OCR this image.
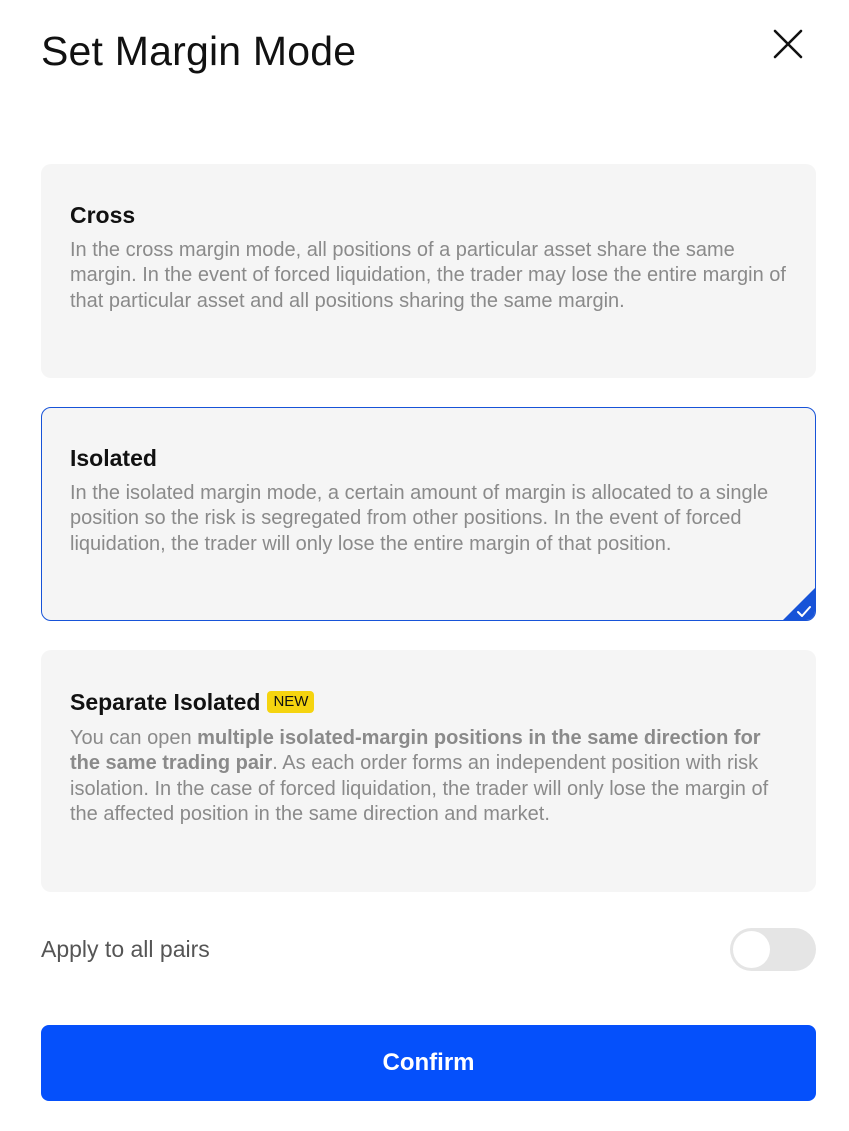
Set Margin Mode
Cross
In the cross margin mode, all positions of a particular asset share the same margin. In the event of forced liquidation, the trader may lose the entire margin of that particular asset and all positions sharing the same margin.
Isolated
In the isolated margin mode, a certain amount of margin is allocated to a single position so the risk is segregated from other positions. In the event of forced liquidation, the trader will only lose the entire margin of that position.
Separate Isolated NEW
You can open multiple isolated-margin positions in the same direction for the same trading pair. As each order forms an independent position with risk isolation. In the case of forced liquidation, the trader will only lose the margin of the affected position in the same direction and market.
Apply to all pairs
Confirm
